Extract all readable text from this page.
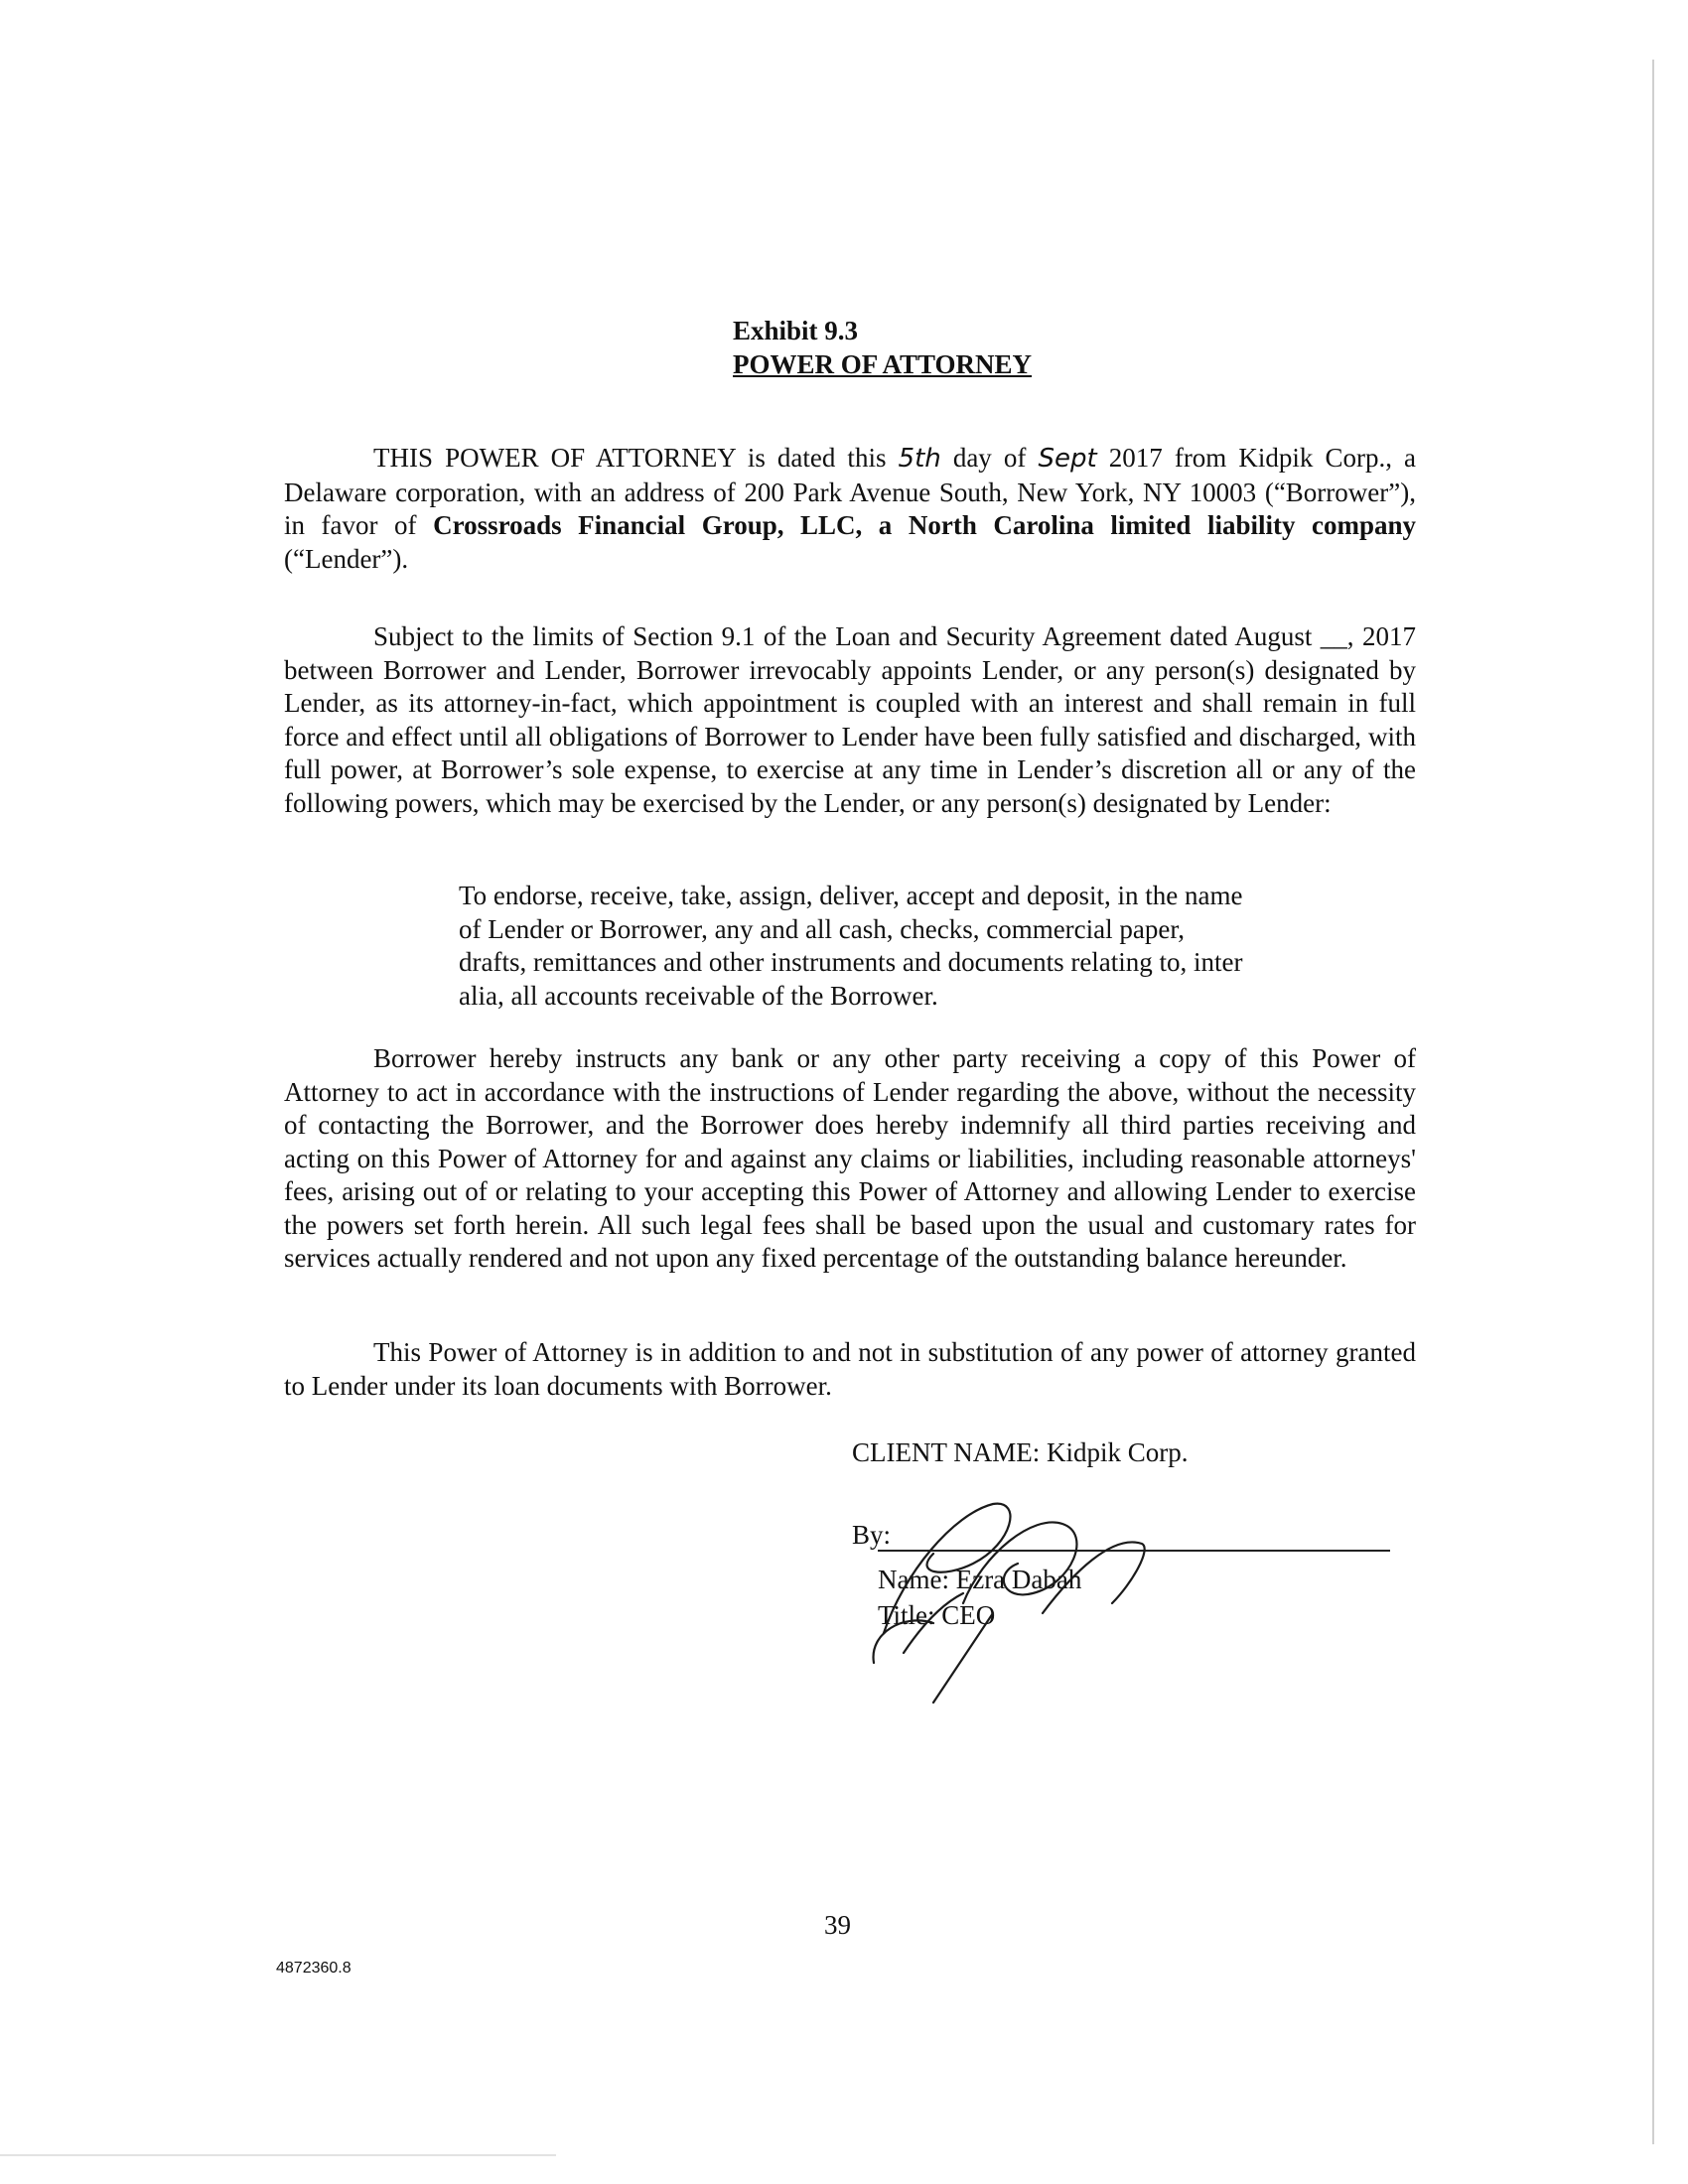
Exhibit 9.3
POWER OF ATTORNEY
THIS POWER OF ATTORNEY is dated this 5th day of Sept 2017 from Kidpik Corp., a Delaware corporation, with an address of 200 Park Avenue South, New York, NY 10003 (“Borrower”), in favor of Crossroads Financial Group, LLC, a North Carolina limited liability company (“Lender”).
Subject to the limits of Section 9.1 of the Loan and Security Agreement dated August __, 2017 between Borrower and Lender, Borrower irrevocably appoints Lender, or any person(s) designated by Lender, as its attorney-in-fact, which appointment is coupled with an interest and shall remain in full force and effect until all obligations of Borrower to Lender have been fully satisfied and discharged, with full power, at Borrower’s sole expense, to exercise at any time in Lender’s discretion all or any of the following powers, which may be exercised by the Lender, or any person(s) designated by Lender:
To endorse, receive, take, assign, deliver, accept and deposit, in the name of Lender or Borrower, any and all cash, checks, commercial paper, drafts, remittances and other instruments and documents relating to, inter alia, all accounts receivable of the Borrower.
Borrower hereby instructs any bank or any other party receiving a copy of this Power of Attorney to act in accordance with the instructions of Lender regarding the above, without the necessity of contacting the Borrower, and the Borrower does hereby indemnify all third parties receiving and acting on this Power of Attorney for and against any claims or liabilities, including reasonable attorneys' fees, arising out of or relating to your accepting this Power of Attorney and allowing Lender to exercise the powers set forth herein. All such legal fees shall be based upon the usual and customary rates for services actually rendered and not upon any fixed percentage of the outstanding balance hereunder.
This Power of Attorney is in addition to and not in substitution of any power of attorney granted to Lender under its loan documents with Borrower.
CLIENT NAME: Kidpik Corp.
By:
Name: Ezra Dabah
Title: CEO
39
4872360.8
